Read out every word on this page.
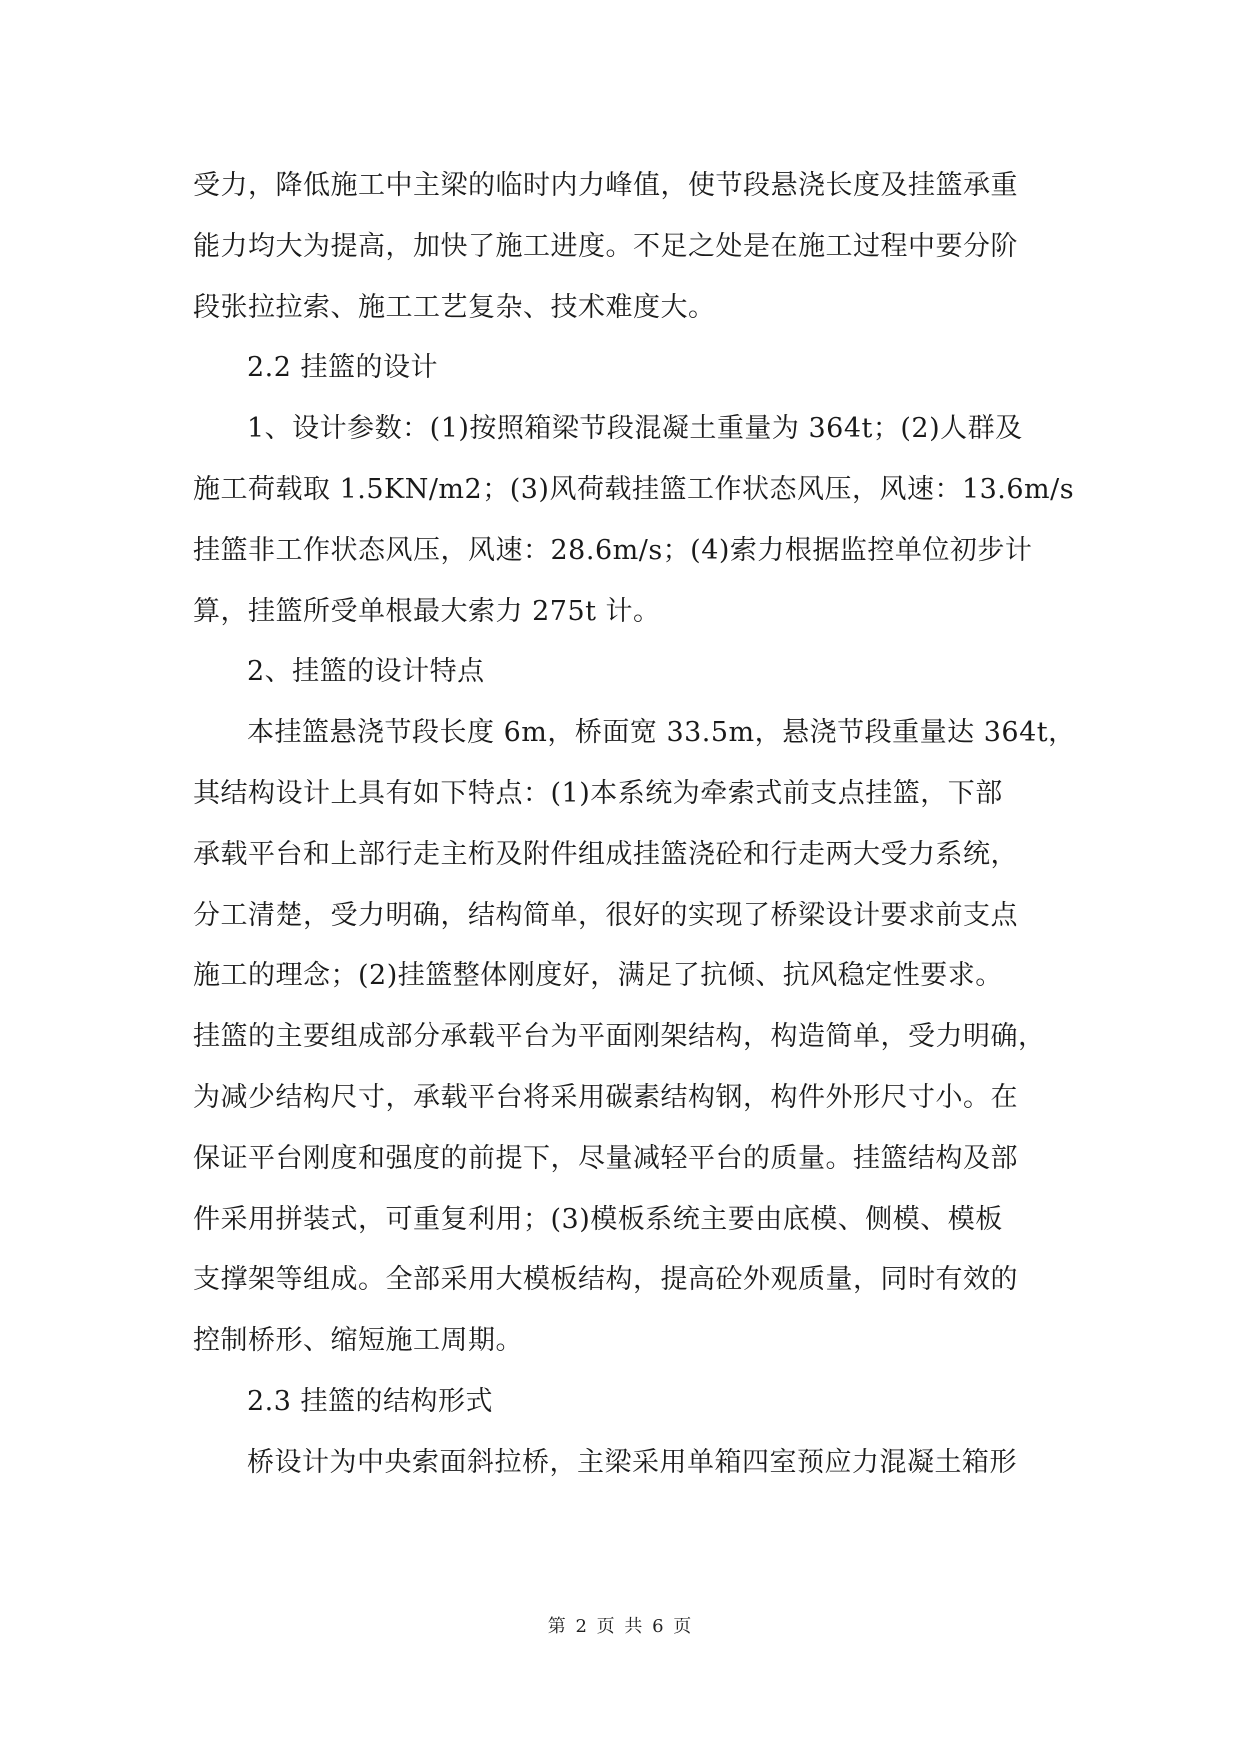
受力，降低施工中主梁的临时内力峰值，使节段悬浇长度及挂篮承重
能力均大为提高，加快了施工进度。不足之处是在施工过程中要分阶
段张拉拉索、施工工艺复杂、技术难度大。
2.2 挂篮的设计
1、设计参数：(1)按照箱梁节段混凝土重量为 364t；(2)人群及
施工荷载取 1.5KN/m2；(3)风荷载挂篮工作状态风压，风速：13.6m/s
挂篮非工作状态风压，风速：28.6m/s；(4)索力根据监控单位初步计
算，挂篮所受单根最大索力 275t 计。
2、挂篮的设计特点
本挂篮悬浇节段长度 6m，桥面宽 33.5m，悬浇节段重量达 364t，
其结构设计上具有如下特点：(1)本系统为牵索式前支点挂篮，下部
承载平台和上部行走主桁及附件组成挂篮浇砼和行走两大受力系统，
分工清楚，受力明确，结构简单，很好的实现了桥梁设计要求前支点
施工的理念；(2)挂篮整体刚度好，满足了抗倾、抗风稳定性要求。
挂篮的主要组成部分承载平台为平面刚架结构，构造简单，受力明确，
为减少结构尺寸，承载平台将采用碳素结构钢，构件外形尺寸小。在
保证平台刚度和强度的前提下，尽量减轻平台的质量。挂篮结构及部
件采用拼装式，可重复利用；(3)模板系统主要由底模、侧模、模板
支撑架等组成。全部采用大模板结构，提高砼外观质量，同时有效的
控制桥形、缩短施工周期。
2.3 挂篮的结构形式
桥设计为中央索面斜拉桥，主梁采用单箱四室预应力混凝土箱形
第 2 页 共 6 页
